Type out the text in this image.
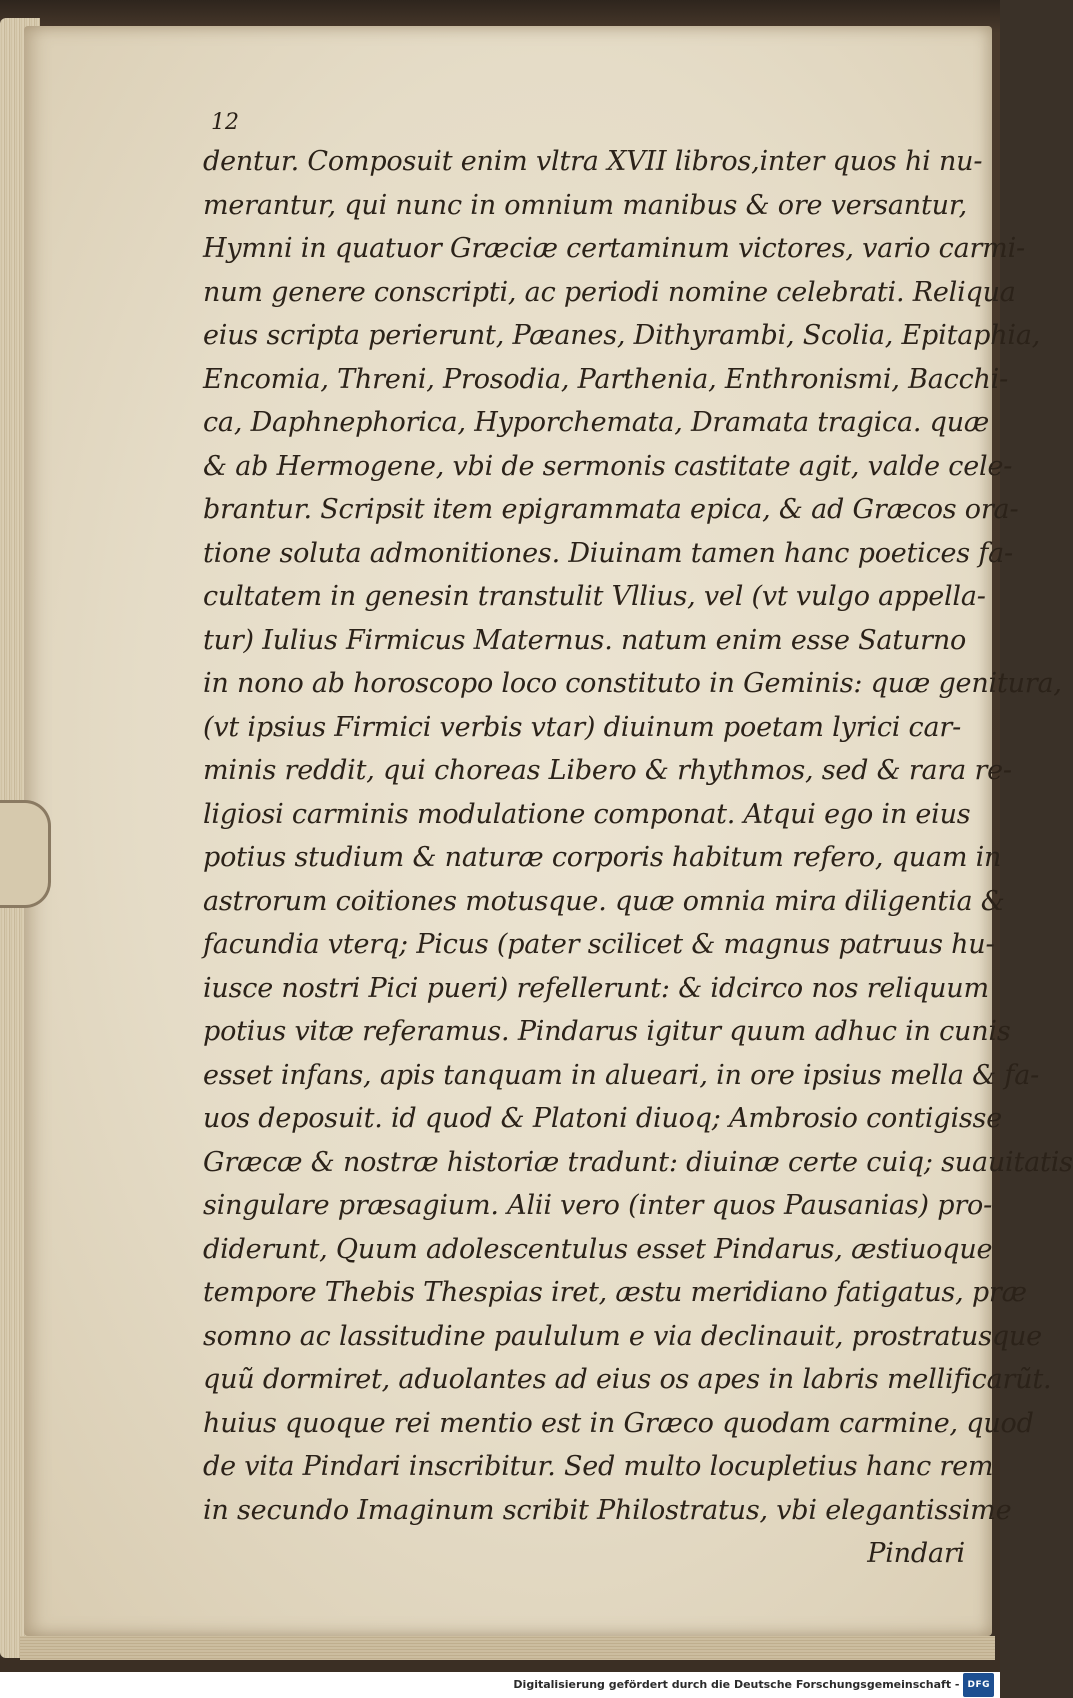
12
dentur. Composuit enim vltra XVII libros,inter quos hi nu-
merantur, qui nunc in omnium manibus & ore versantur,
Hymni in quatuor Græciæ certaminum victores, vario carmi-
num genere conscripti, ac periodi nomine celebrati. Reliqua
eius scripta perierunt, Pæanes, Dithyrambi, Scolia, Epitaphia,
Encomia, Threni, Prosodia, Parthenia, Enthronismi, Bacchi-
ca, Daphnephorica, Hyporchemata, Dramata tragica. quæ
& ab Hermogene, vbi de sermonis castitate agit, valde cele-
brantur. Scripsit item epigrammata epica, & ad Græcos ora-
tione soluta admonitiones. Diuinam tamen hanc poetices fa-
cultatem in genesin transtulit Vllius, vel (vt vulgo appella-
tur) Iulius Firmicus Maternus. natum enim esse Saturno
in nono ab horoscopo loco constituto in Geminis: quæ genitura,
(vt ipsius Firmici verbis vtar) diuinum poetam lyrici car-
minis reddit, qui choreas Libero & rhythmos, sed & rara re-
ligiosi carminis modulatione componat. Atqui ego in eius
potius studium & naturæ corporis habitum refero, quam in
astrorum coitiones motusque. quæ omnia mira diligentia &
facundia vterq; Picus (pater scilicet & magnus patruus hu-
iusce nostri Pici pueri) refellerunt: & idcirco nos reliquum
potius vitæ referamus. Pindarus igitur quum adhuc in cunis
esset infans, apis tanquam in alueari, in ore ipsius mella & fa-
uos deposuit. id quod & Platoni diuoq; Ambrosio contigisse
Græcæ & nostræ historiæ tradunt: diuinæ certe cuiq; suauitatis
singulare præsagium. Alii vero (inter quos Pausanias) pro-
diderunt, Quum adolescentulus esset Pindarus, æstiuoque
tempore Thebis Thespias iret, æstu meridiano fatigatus, præ
somno ac lassitudine paululum e via declinauit, prostratusque
quũ dormiret, aduolantes ad eius os apes in labris mellificarũt.
huius quoque rei mentio est in Græco quodam carmine, quod
de vita Pindari inscribitur. Sed multo locupletius hanc rem
in secundo Imaginum scribit Philostratus, vbi elegantissime
Pindari
Digitalisierung gefördert durch die Deutsche Forschungsgemeinschaft - DFG
